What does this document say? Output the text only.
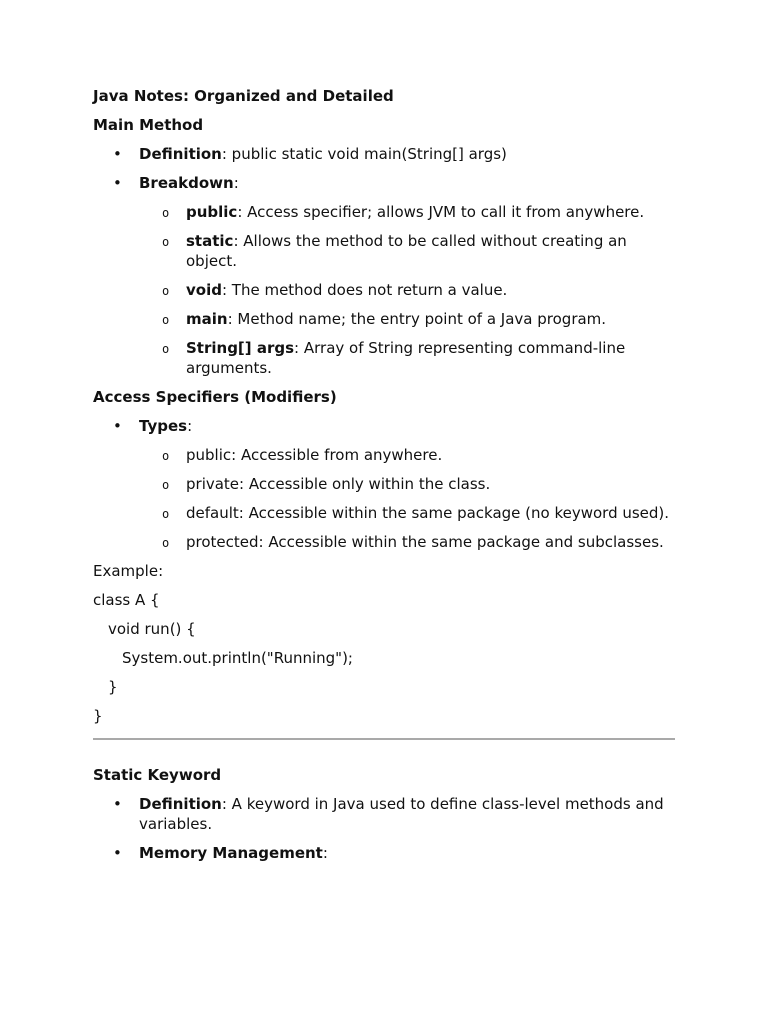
Java Notes: Organized and Detailed

Main Method

• Definition: public static void main(String[] args)
• Breakdown:
o public: Access specifier; allows JVM to call it from anywhere.
o static: Allows the method to be called without creating an object.
o void: The method does not return a value.
o main: Method name; the entry point of a Java program.
o String[] args: Array of String representing command-line arguments.

Access Specifiers (Modifiers)

• Types:
o public: Accessible from anywhere.
o private: Accessible only within the class.
o default: Accessible within the same package (no keyword used).
o protected: Accessible within the same package and subclasses.

Example:

class A {

void run() {

System.out.println("Running");

}

}

Static Keyword

• Definition: A keyword in Java used to define class-level methods and variables.
• Memory Management:
